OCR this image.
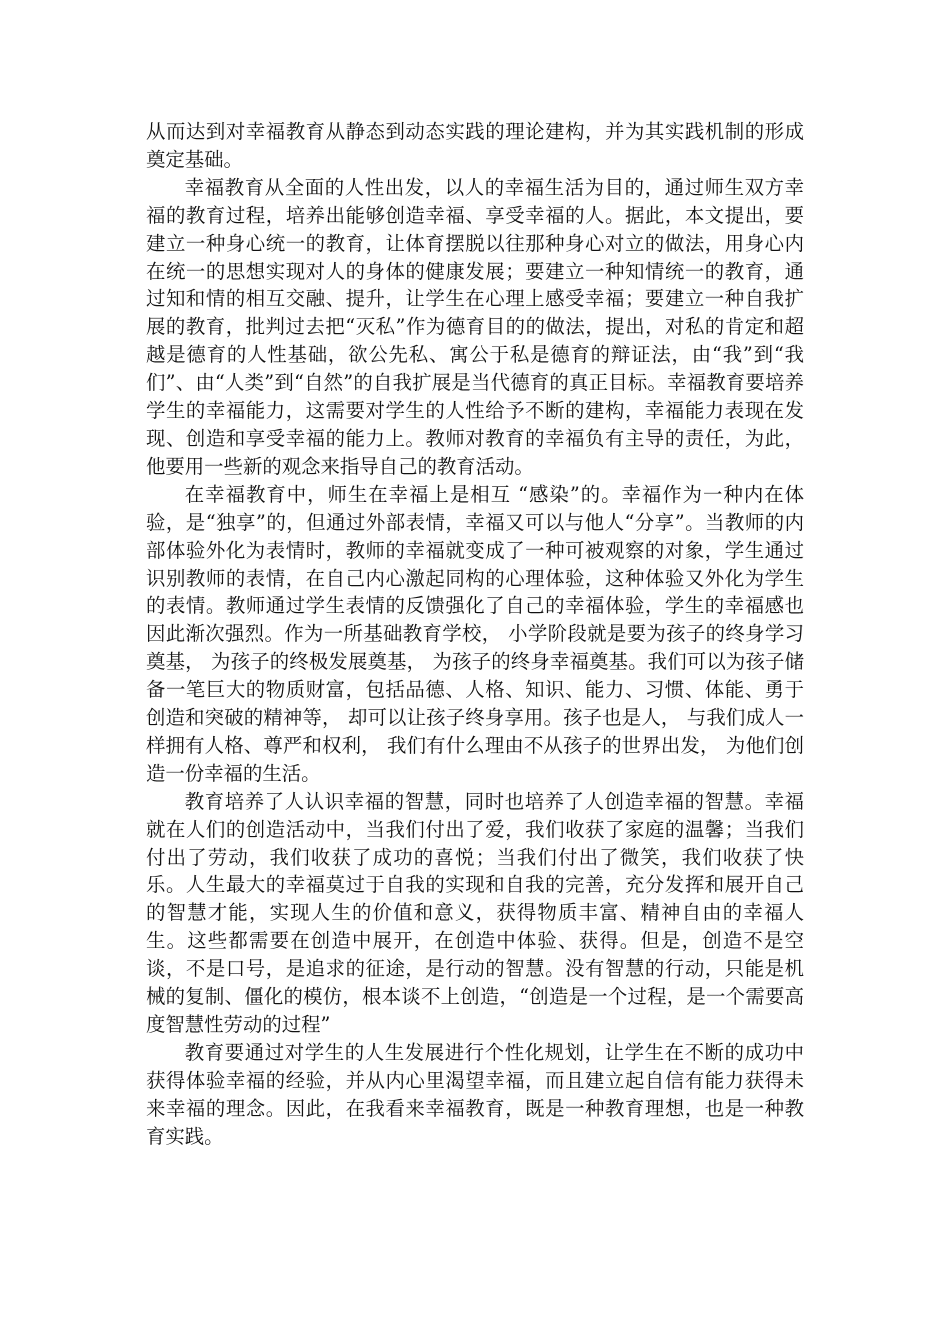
从而达到对幸福教育从静态到动态实践的理论建构，并为其实践机制的形成奠定基础。

幸福教育从全面的人性出发，以人的幸福生活为目的，通过师生双方幸福的教育过程，培养出能够创造幸福、享受幸福的人。据此，本文提出，要建立一种身心统一的教育，让体育摆脱以往那种身心对立的做法，用身心内在统一的思想实现对人的身体的健康发展；要建立一种知情统一的教育，通过知和情的相互交融、提升，让学生在心理上感受幸福；要建立一种自我扩展的教育，批判过去把“灭私”作为德育目的的做法，提出，对私的肯定和超越是德育的人性基础，欲公先私、寓公于私是德育的辩证法，由“我”到“我们”、由“人类”到“自然”的自我扩展是当代德育的真正目标。幸福教育要培养学生的幸福能力，这需要对学生的人性给予不断的建构，幸福能力表现在发现、创造和享受幸福的能力上。教师对教育的幸福负有主导的责任，为此，他要用一些新的观念来指导自己的教育活动。

在幸福教育中，师生在幸福上是相互 “感染”的。幸福作为一种内在体验，是“独享”的，但通过外部表情，幸福又可以与他人“分享”。当教师的内部体验外化为表情时，教师的幸福就变成了一种可被观察的对象，学生通过识别教师的表情，在自己内心激起同构的心理体验，这种体验又外化为学生的表情。教师通过学生表情的反馈强化了自己的幸福体验，学生的幸福感也因此渐次强烈。作为一所基础教育学校， 小学阶段就是要为孩子的终身学习奠基， 为孩子的终极发展奠基， 为孩子的终身幸福奠基。我们可以为孩子储备一笔巨大的物质财富，包括品德、人格、知识、能力、习惯、体能、勇于创造和突破的精神等， 却可以让孩子终身享用。孩子也是人， 与我们成人一样拥有人格、尊严和权利， 我们有什么理由不从孩子的世界出发， 为他们创造一份幸福的生活。

教育培养了人认识幸福的智慧，同时也培养了人创造幸福的智慧。幸福就在人们的创造活动中，当我们付出了爱，我们收获了家庭的温馨；当我们付出了劳动，我们收获了成功的喜悦；当我们付出了微笑，我们收获了快乐。人生最大的幸福莫过于自我的实现和自我的完善，充分发挥和展开自己的智慧才能，实现人生的价值和意义，获得物质丰富、精神自由的幸福人生。这些都需要在创造中展开，在创造中体验、获得。但是，创造不是空谈，不是口号，是追求的征途，是行动的智慧。没有智慧的行动，只能是机械的复制、僵化的模仿，根本谈不上创造，“创造是一个过程，是一个需要高度智慧性劳动的过程”

教育要通过对学生的人生发展进行个性化规划，让学生在不断的成功中获得体验幸福的经验，并从内心里渴望幸福，而且建立起自信有能力获得未来幸福的理念。因此，在我看来幸福教育，既是一种教育理想，也是一种教育实践。
